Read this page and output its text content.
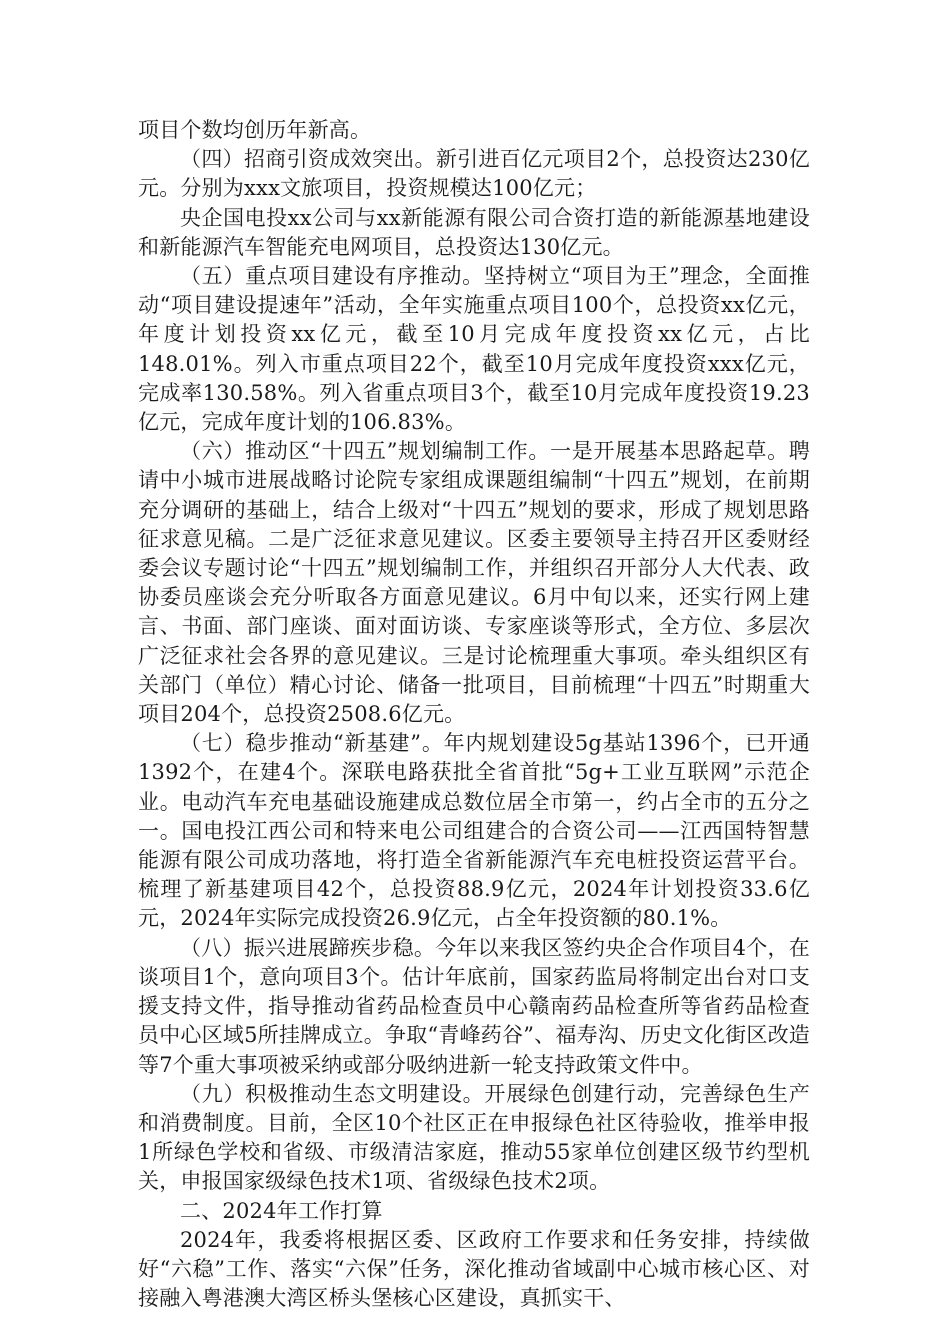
项目个数均创历年新高。

（四）招商引资成效突出。新引进百亿元项目2个，总投资达230亿元。分别为xxx文旅项目，投资规模达100亿元；

央企国电投xx公司与xx新能源有限公司合资打造的新能源基地建设和新能源汽车智能充电网项目，总投资达130亿元。

（五）重点项目建设有序推动。坚持树立“项目为王”理念，全面推动“项目建设提速年”活动，全年实施重点项目100个，总投资xx亿元，年度计划投资xx亿元，截至10月完成年度投资xx亿元，占比148.01%。列入市重点项目22个，截至10月完成年度投资xxx亿元，完成率130.58%。列入省重点项目3个，截至10月完成年度投资19.23亿元，完成年度计划的106.83%。

（六）推动区“十四五”规划编制工作。一是开展基本思路起草。聘请中小城市进展战略讨论院专家组成课题组编制“十四五”规划，在前期充分调研的基础上，结合上级对“十四五”规划的要求，形成了规划思路征求意见稿。二是广泛征求意见建议。区委主要领导主持召开区委财经委会议专题讨论“十四五”规划编制工作，并组织召开部分人大代表、政协委员座谈会充分听取各方面意见建议。6月中旬以来，还实行网上建言、书面、部门座谈、面对面访谈、专家座谈等形式，全方位、多层次广泛征求社会各界的意见建议。三是讨论梳理重大事项。牵头组织区有关部门（单位）精心讨论、储备一批项目，目前梳理“十四五”时期重大项目204个，总投资2508.6亿元。

（七）稳步推动“新基建”。年内规划建设5g基站1396个，已开通1392个，在建4个。深联电路获批全省首批“5g+工业互联网”示范企业。电动汽车充电基础设施建成总数位居全市第一，约占全市的五分之一。国电投江西公司和特来电公司组建合的合资公司——江西国特智慧能源有限公司成功落地，将打造全省新能源汽车充电桩投资运营平台。梳理了新基建项目42个，总投资88.9亿元，2024年计划投资33.6亿元，2024年实际完成投资26.9亿元，占全年投资额的80.1%。

（八）振兴进展蹄疾步稳。今年以来我区签约央企合作项目4个，在谈项目1个，意向项目3个。估计年底前，国家药监局将制定出台对口支援支持文件，指导推动省药品检查员中心赣南药品检查所等省药品检查员中心区域5所挂牌成立。争取“青峰药谷”、福寿沟、历史文化街区改造等7个重大事项被采纳或部分吸纳进新一轮支持政策文件中。

（九）积极推动生态文明建设。开展绿色创建行动，完善绿色生产和消费制度。目前，全区10个社区正在申报绿色社区待验收，推举申报1所绿色学校和省级、市级清洁家庭，推动55家单位创建区级节约型机关，申报国家级绿色技术1项、省级绿色技术2项。

二、2024年工作打算

2024年，我委将根据区委、区政府工作要求和任务安排，持续做好“六稳”工作、落实“六保”任务，深化推动省域副中心城市核心区、对接融入粤港澳大湾区桥头堡核心区建设，真抓实干、
